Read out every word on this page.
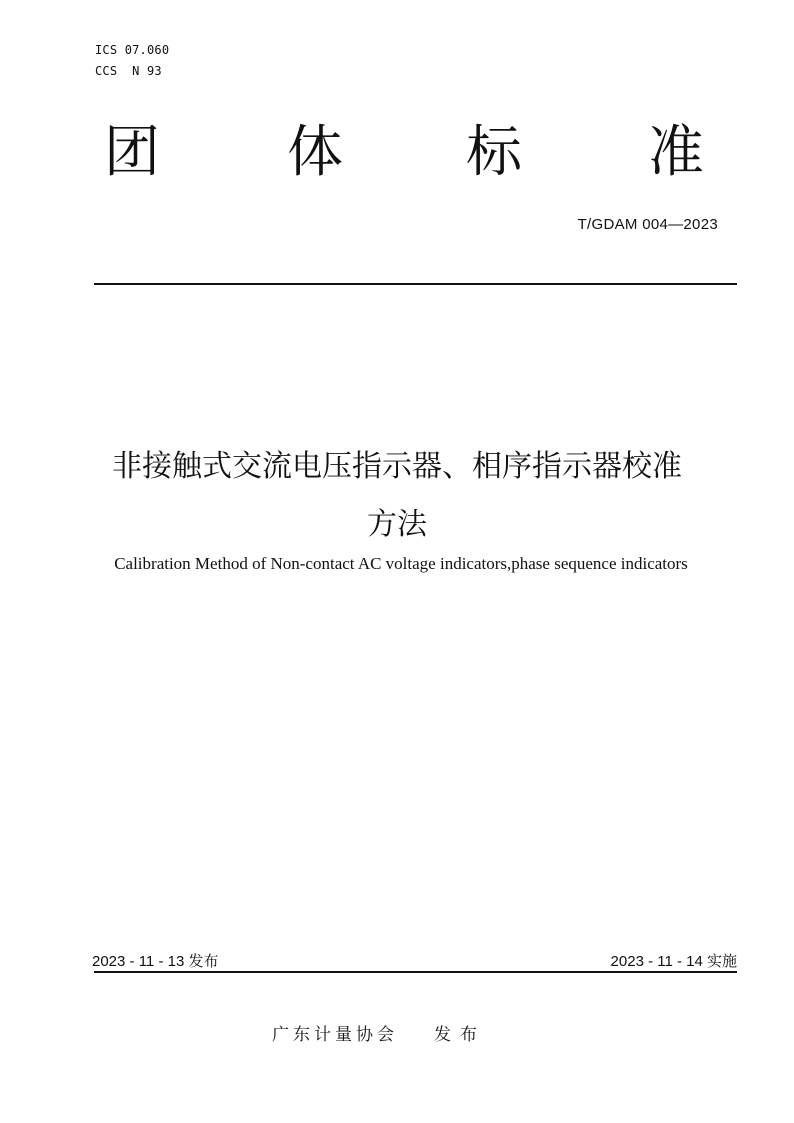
ICS 07.060
CCS  N 93
团 体 标 准
T/GDAM 004—2023
非接触式交流电压指示器、相序指示器校准
方法
Calibration Method of Non-contact AC voltage indicators,phase sequence indicators
2023 - 11 - 13 发布	2023 - 11 - 14 实施
广东计量协会 发布
